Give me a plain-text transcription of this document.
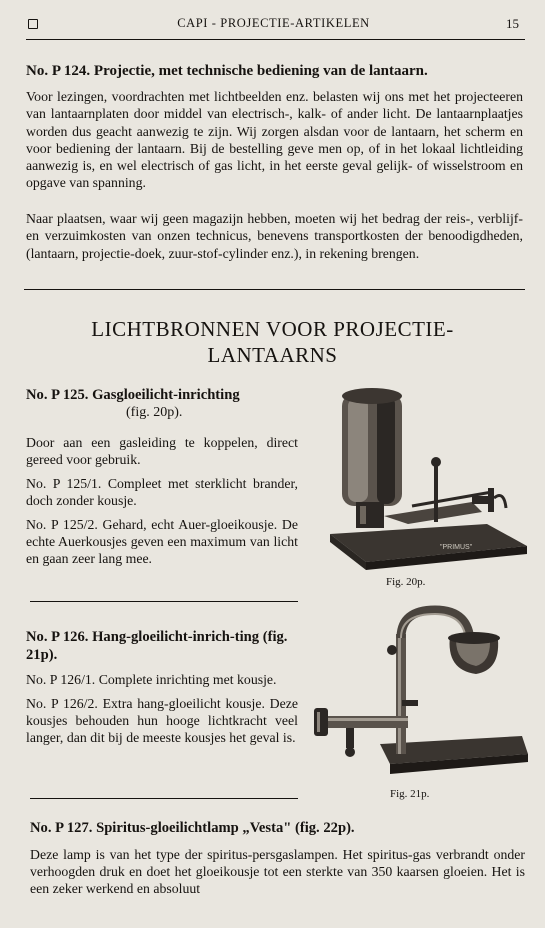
CAPI - PROJECTIE-ARTIKELEN	15
No. P 124. Projectie, met technische bediening van de lantaarn.
Voor lezingen, voordrachten met lichtbeelden enz. belasten wij ons met het projecteeren van lantaarnplaten door middel van electrisch-, kalk- of ander licht. De lantaarnplaatjes worden dus geacht aanwezig te zijn. Wij zorgen alsdan voor de lantaarn, het scherm en voor bediening der lantaarn. Bij de bestelling geve men op, of in het lokaal lichtleiding aanwezig is, en wel electrisch of gas licht, in het eerste geval gelijk- of wisselstroom en opgave van spanning.
Naar plaatsen, waar wij geen magazijn hebben, moeten wij het bedrag der reis-, verblijf- en verzuimkosten van onzen technicus, benevens transportkosten der benoodigdheden, (lantaarn, projectie-doek, zuur-stof-cylinder enz.), in rekening brengen.
LICHTBRONNEN VOOR PROJECTIE-
LANTAARNS
No. P 125. Gasgloeilicht-inrichting
(fig. 20p).

Door aan een gasleiding te koppelen, direct gereed voor gebruik.

No. P 125/1. Compleet met sterklicht brander, doch zonder kousje.

No. P 125/2. Gehard, echt Auer-gloeikousje. De echte Auerkousjes geven een maximum van licht en gaan zeer lang mee.

"PRIMUS"
Fig. 20p.
No. P 126. Hang-gloeilicht-inrich-ting (fig. 21p).

No. P 126/1. Complete inrichting met kousje.

No. P 126/2. Extra hang-gloeilicht kousje. Deze kousjes behouden hun hooge lichtkracht veel langer, dan dit bij de meeste kousjes het geval is.

Fig. 21p.
No. P 127. Spiritus-gloeilichtlamp „Vesta" (fig. 22p).
Deze lamp is van het type der spiritus-persgaslampen. Het spiritus-gas verbrandt onder verhoogden druk en doet het gloeikousje tot een sterkte van 350 kaarsen gloeien. Het is een zeker werkend en absoluut
